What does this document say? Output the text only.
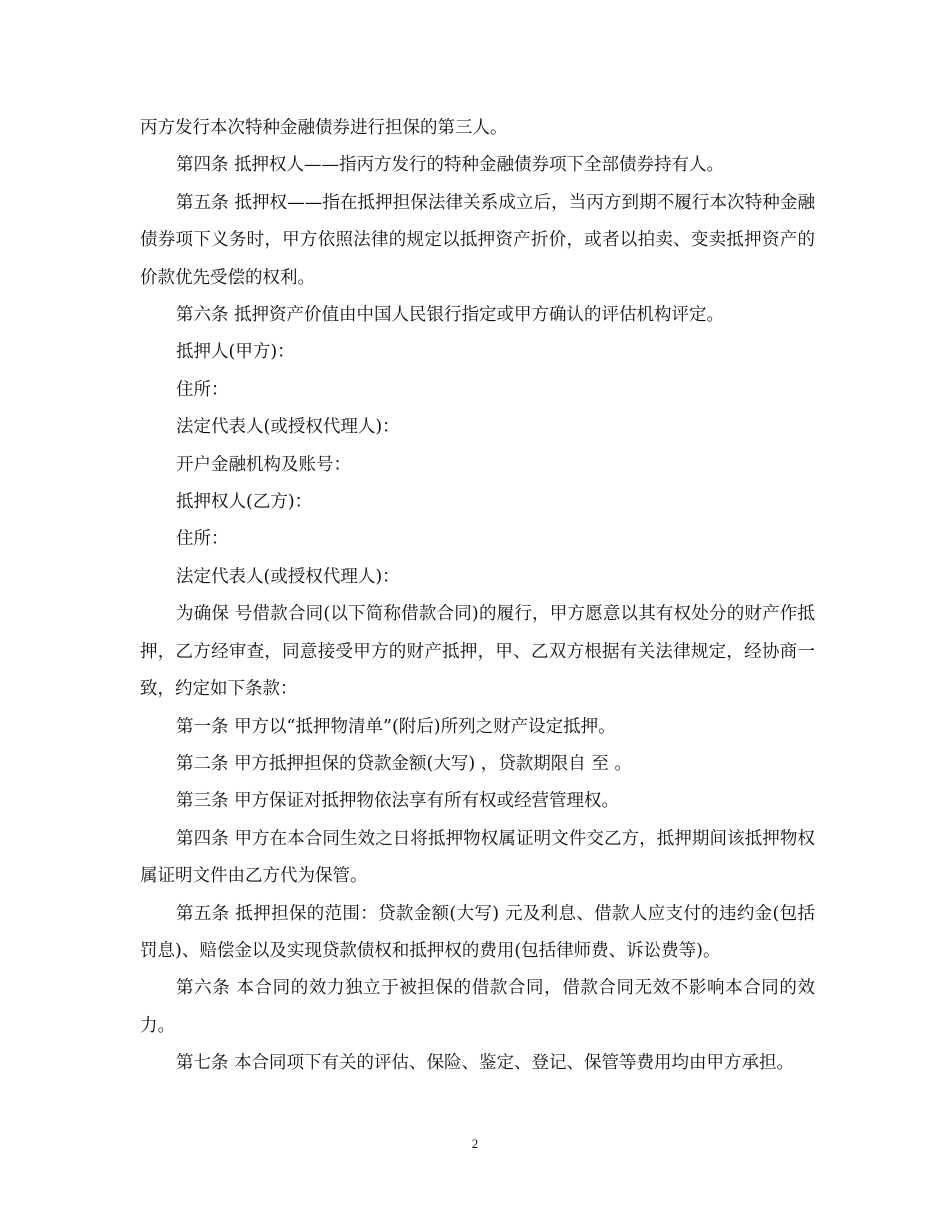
丙方发行本次特种金融债券进行担保的第三人。

第四条 抵押权人——指丙方发行的特种金融债券项下全部债券持有人。

第五条 抵押权——指在抵押担保法律关系成立后，当丙方到期不履行本次特种金融债券项下义务时，甲方依照法律的规定以抵押资产折价，或者以拍卖、变卖抵押资产的价款优先受偿的权利。

第六条 抵押资产价值由中国人民银行指定或甲方确认的评估机构评定。

抵押人(甲方)：

住所：

法定代表人(或授权代理人)：

开户金融机构及账号：

抵押权人(乙方)：

住所：

法定代表人(或授权代理人)：

为确保 号借款合同(以下简称借款合同)的履行，甲方愿意以其有权处分的财产作抵押，乙方经审查，同意接受甲方的财产抵押，甲、乙双方根据有关法律规定，经协商一致，约定如下条款：

第一条 甲方以“抵押物清单”(附后)所列之财产设定抵押。

第二条 甲方抵押担保的贷款金额(大写) ，贷款期限自 至 。

第三条 甲方保证对抵押物依法享有所有权或经营管理权。

第四条 甲方在本合同生效之日将抵押物权属证明文件交乙方，抵押期间该抵押物权属证明文件由乙方代为保管。

第五条 抵押担保的范围：贷款金额(大写) 元及利息、借款人应支付的违约金(包括罚息)、赔偿金以及实现贷款债权和抵押权的费用(包括律师费、诉讼费等)。

第六条 本合同的效力独立于被担保的借款合同，借款合同无效不影响本合同的效力。

第七条 本合同项下有关的评估、保险、鉴定、登记、保管等费用均由甲方承担。

2
